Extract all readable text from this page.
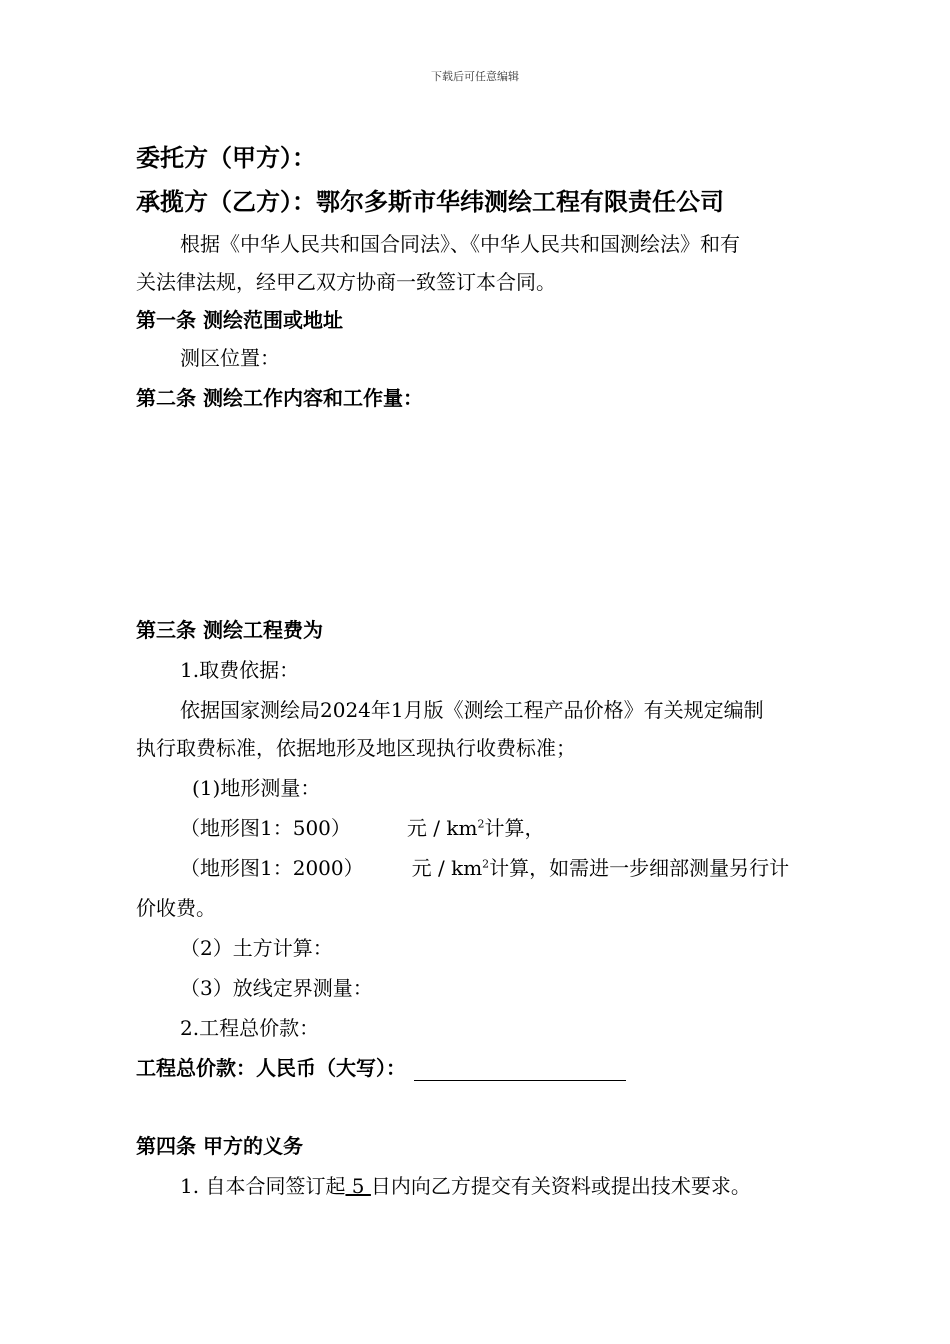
下载后可任意编辑
委托方（甲方）：
承揽方（乙方）：鄂尔多斯市华纬测绘工程有限责任公司
根据《中华人民共和国合同法》、《中华人民共和国测绘法》和有
关法律法规，经甲乙双方协商一致签订本合同。
第一条 测绘范围或地址
测区位置：
第二条 测绘工作内容和工作量：
第三条 测绘工程费为
1.取费依据：
依据国家测绘局2024年1月版《测绘工程产品价格》有关规定编制
执行取费标准，依据地形及地区现执行收费标准；
(1)地形测量：
（地形图1：500）	元 / $km^2$计算，
（地形图1：2000） 元 / $km^2$计算，如需进一步细部测量另行计
价收费。
（2）土方计算：
（3）放线定界测量：
2.工程总价款：
工程总价款：人民币（大写）：
第四条 甲方的义务
1. 自本合同签订起 5 日内向乙方提交有关资料或提出技术要求。
